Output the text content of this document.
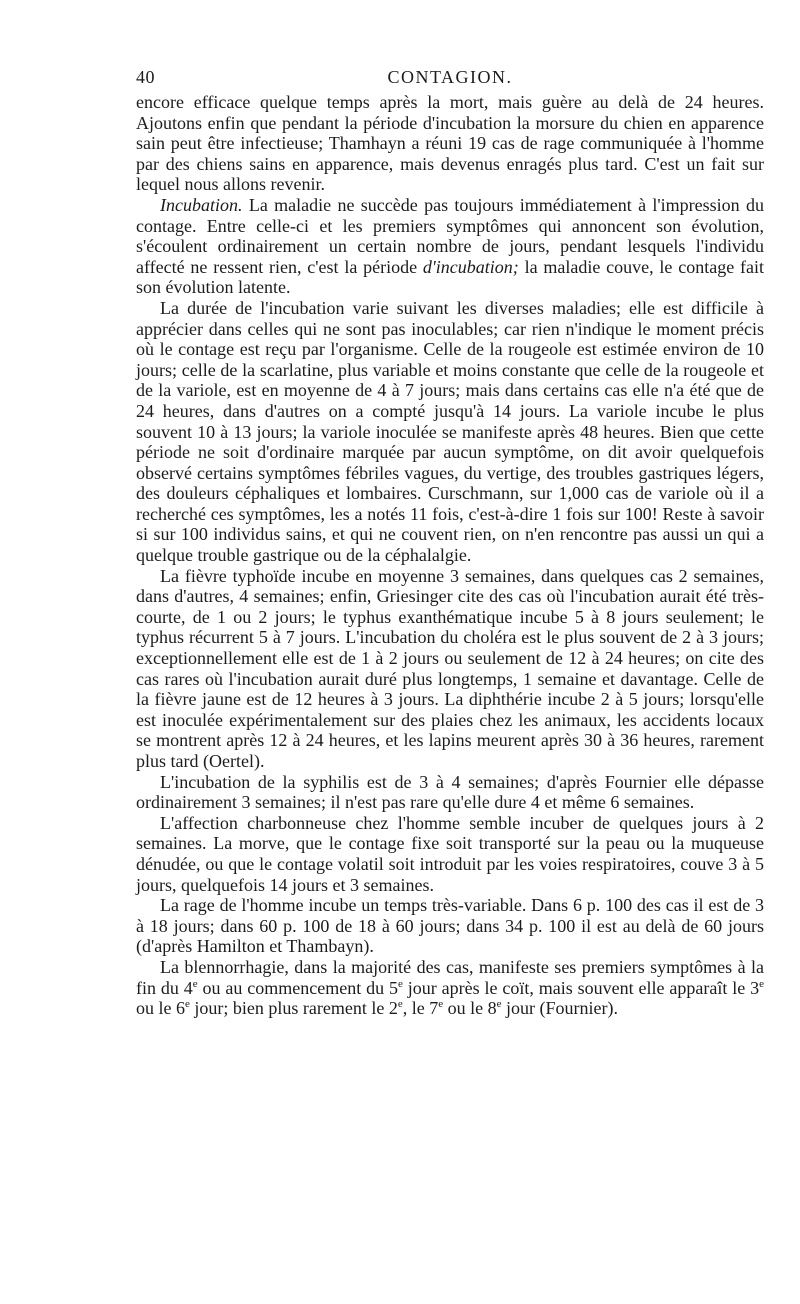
40	CONTAGION.

encore efficace quelque temps après la mort, mais guère au delà de 24 heures. Ajoutons enfin que pendant la période d'incubation la morsure du chien en apparence sain peut être infectieuse; Thamhayn a réuni 19 cas de rage communiquée à l'homme par des chiens sains en apparence, mais devenus enragés plus tard. C'est un fait sur lequel nous allons revenir.

Incubation. La maladie ne succède pas toujours immédiatement à l'impression du contage. Entre celle-ci et les premiers symptômes qui annoncent son évolution, s'écoulent ordinairement un certain nombre de jours, pendant lesquels l'individu affecté ne ressent rien, c'est la période d'incubation; la maladie couve, le contage fait son évolution latente.

La durée de l'incubation varie suivant les diverses maladies; elle est difficile à apprécier dans celles qui ne sont pas inoculables; car rien n'indique le moment précis où le contage est reçu par l'organisme. Celle de la rougeole est estimée environ de 10 jours; celle de la scarlatine, plus variable et moins constante que celle de la rougeole et de la variole, est en moyenne de 4 à 7 jours; mais dans certains cas elle n'a été que de 24 heures, dans d'autres on a compté jusqu'à 14 jours. La variole incube le plus souvent 10 à 13 jours; la variole inoculée se manifeste après 48 heures. Bien que cette période ne soit d'ordinaire marquée par aucun symptôme, on dit avoir quelquefois observé certains symptômes fébriles vagues, du vertige, des troubles gastriques légers, des douleurs céphaliques et lombaires. Curschmann, sur 1,000 cas de variole où il a recherché ces symptômes, les a notés 11 fois, c'est-à-dire 1 fois sur 100! Reste à savoir si sur 100 individus sains, et qui ne couvent rien, on n'en rencontre pas aussi un qui a quelque trouble gastrique ou de la céphalalgie.

La fièvre typhoïde incube en moyenne 3 semaines, dans quelques cas 2 semaines, dans d'autres, 4 semaines; enfin, Griesinger cite des cas où l'incubation aurait été très-courte, de 1 ou 2 jours; le typhus exanthématique incube 5 à 8 jours seulement; le typhus récurrent 5 à 7 jours. L'incubation du choléra est le plus souvent de 2 à 3 jours; exceptionnellement elle est de 1 à 2 jours ou seulement de 12 à 24 heures; on cite des cas rares où l'incubation aurait duré plus longtemps, 1 semaine et davantage. Celle de la fièvre jaune est de 12 heures à 3 jours. La diphthérie incube 2 à 5 jours; lorsqu'elle est inoculée expérimentalement sur des plaies chez les animaux, les accidents locaux se montrent après 12 à 24 heures, et les lapins meurent après 30 à 36 heures, rarement plus tard (Oertel).

L'incubation de la syphilis est de 3 à 4 semaines; d'après Fournier elle dépasse ordinairement 3 semaines; il n'est pas rare qu'elle dure 4 et même 6 semaines.

L'affection charbonneuse chez l'homme semble incuber de quelques jours à 2 semaines. La morve, que le contage fixe soit transporté sur la peau ou la muqueuse dénudée, ou que le contage volatil soit introduit par les voies respiratoires, couve 3 à 5 jours, quelquefois 14 jours et 3 semaines.

La rage de l'homme incube un temps très-variable. Dans 6 p. 100 des cas il est de 3 à 18 jours; dans 60 p. 100 de 18 à 60 jours; dans 34 p. 100 il est au delà de 60 jours (d'après Hamilton et Thambayn).

La blennorrhagie, dans la majorité des cas, manifeste ses premiers symptômes à la fin du 4e ou au commencement du 5e jour après le coït, mais souvent elle apparaît le 3e ou le 6e jour; bien plus rarement le 2e, le 7e ou le 8e jour (Fournier).
